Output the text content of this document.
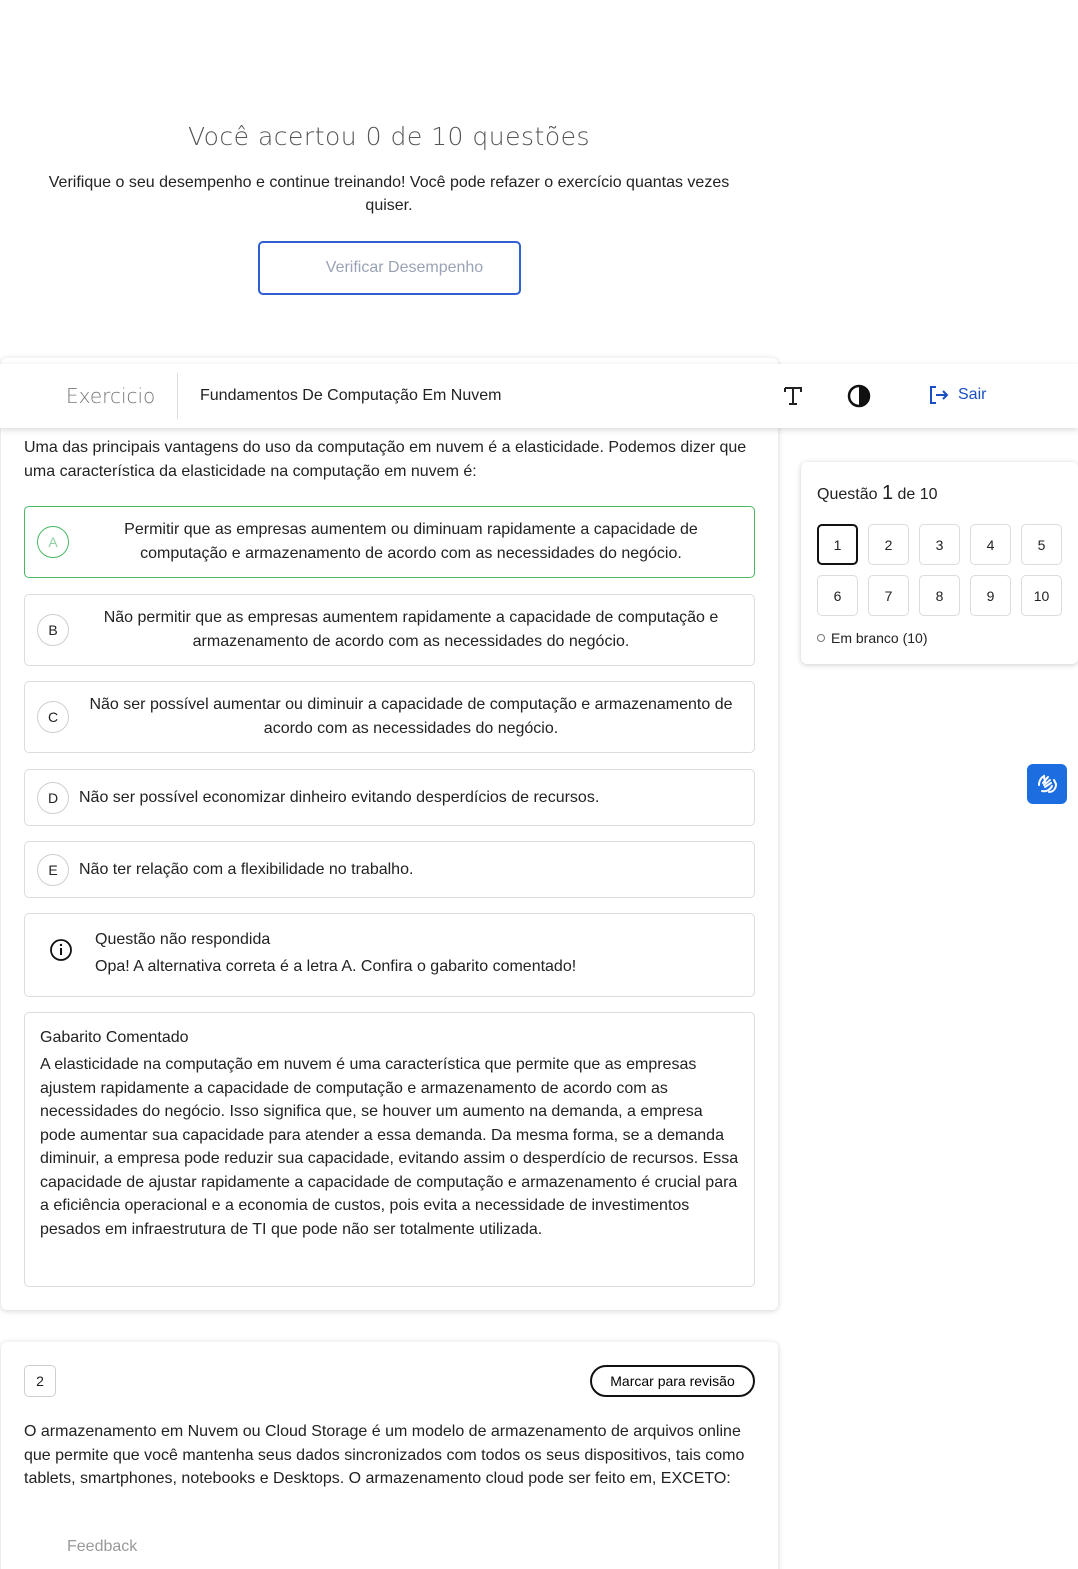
Você acertou 0 de 10 questões
Verifique o seu desempenho e continue treinando! Você pode refazer o exercício quantas vezes quiser.
Verificar Desempenho
Exercicio	Fundamentos De Computação Em Nuvem	Sair
Uma das principais vantagens do uso da computação em nuvem é a elasticidade. Podemos dizer que uma característica da elasticidade na computação em nuvem é:
A
Permitir que as empresas aumentem ou diminuam rapidamente a capacidade de computação e armazenamento de acordo com as necessidades do negócio.
B
Não permitir que as empresas aumentem rapidamente a capacidade de computação e armazenamento de acordo com as necessidades do negócio.
C
Não ser possível aumentar ou diminuir a capacidade de computação e armazenamento de acordo com as necessidades do negócio.
D	Não ser possível economizar dinheiro evitando desperdícios de recursos.
E	Não ter relação com a flexibilidade no trabalho.
Questão não respondida
Opa! A alternativa correta é a letra A. Confira o gabarito comentado!
Gabarito Comentado
A elasticidade na computação em nuvem é uma característica que permite que as empresas ajustem rapidamente a capacidade de computação e armazenamento de acordo com as necessidades do negócio. Isso significa que, se houver um aumento na demanda, a empresa pode aumentar sua capacidade para atender a essa demanda. Da mesma forma, se a demanda diminuir, a empresa pode reduzir sua capacidade, evitando assim o desperdício de recursos. Essa capacidade de ajustar rapidamente a capacidade de computação e armazenamento é crucial para a eficiência operacional e a economia de custos, pois evita a necessidade de investimentos pesados em infraestrutura de TI que pode não ser totalmente utilizada.
Questão 1 de 10
1	2	3	4	5
6	7	8	9	10
Em branco (10)
2	Marcar para revisão
O armazenamento em Nuvem ou Cloud Storage é um modelo de armazenamento de arquivos online que permite que você mantenha seus dados sincronizados com todos os seus dispositivos, tais como tablets, smartphones, notebooks e Desktops. O armazenamento cloud pode ser feito em, EXCETO:
Feedback
